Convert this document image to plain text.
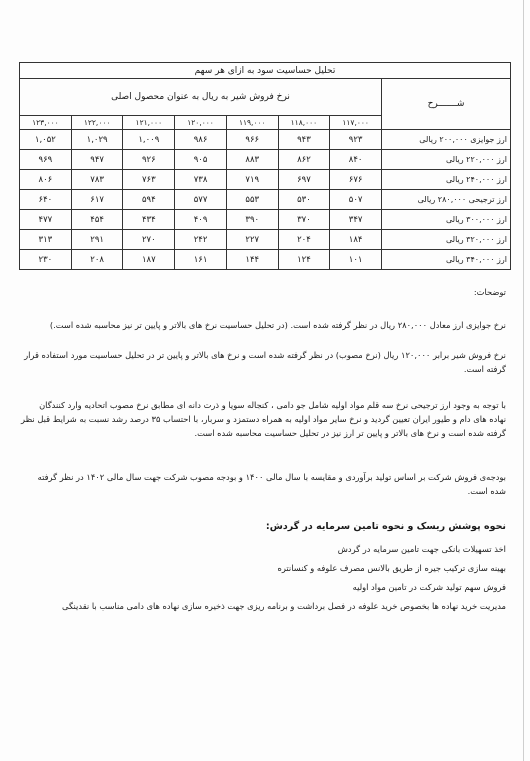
تحلیل حساسیت سود به ازای هر سهم							
شـــــــرح	نرخ فروش شیر به ریال به عنوان محصول اصلی						
	۱۱۷,۰۰۰	۱۱۸,۰۰۰	۱۱۹,۰۰۰	۱۲۰,۰۰۰	۱۲۱,۰۰۰	۱۲۲,۰۰۰	۱۲۳,۰۰۰
ارز جوایزی ۲۰۰,۰۰۰ ریالی	۹۲۳	۹۴۳	۹۶۶	۹۸۶	۱,۰۰۹	۱,۰۲۹	۱,۰۵۲
ارز ۲۲۰,۰۰۰ ریالی	۸۴۰	۸۶۲	۸۸۳	۹۰۵	۹۲۶	۹۴۷	۹۶۹
ارز ۲۴۰,۰۰۰ ریالی	۶۷۶	۶۹۷	۷۱۹	۷۳۸	۷۶۳	۷۸۳	۸۰۶
ارز ترجیحی ۲۸۰,۰۰۰ ریالی	۵۰۷	۵۳۰	۵۵۳	۵۷۷	۵۹۴	۶۱۷	۶۴۰
ارز ۳۰۰,۰۰۰ ریالی	۳۴۷	۳۷۰	۳۹۰	۴۰۹	۴۳۴	۴۵۴	۴۷۷
ارز ۳۲۰,۰۰۰ ریالی	۱۸۴	۲۰۴	۲۲۷	۲۴۲	۲۷۰	۲۹۱	۳۱۳
ارز ۳۴۰,۰۰۰ ریالی	۱۰۱	۱۲۴	۱۴۴	۱۶۱	۱۸۷	۲۰۸	۲۳۰
توضحات:
نرخ جوایزی ارز معادل ۲۸۰,۰۰۰ ریال در نظر گرفته شده است. (در تحلیل حساسیت نرخ های بالاتر و پایین تر نیز محاسبه شده است.)
نرخ فروش شیر برابر ۱۲۰,۰۰۰ ریال (نرخ مصوب) در نظر گرفته شده است و نرخ های بالاتر و پایین تر در تحلیل حساسیت مورد استفاده قرار گرفته است.
با توجه به وجود ارز ترجیحی نرخ سه قلم مواد اولیه شامل جو دامی ، کنجاله سویا و ذرت دانه ای مطابق نرخ مصوب اتحادیه وارد کنندگان نهاده های دام و طیور ایران تعیین گردید و نرخ سایر مواد اولیه به همراه دستمزد و سربار، با احتساب ۳۵ درصد رشد نسبت به شرایط قبل نظر گرفته شده است و نرخ های بالاتر و پایین تر ارز نیز در تحلیل حساسیت محاسبه شده است.
بودجه‌ی فروش شرکت بر اساس تولید برآوردی و مقایسه با سال مالی ۱۴۰۰ و بودجه مصوب شرکت جهت سال مالی ۱۴۰۲ در نظر گرفته شده است.
نحوه پوشش ریسک و نحوه تامین سرمایه در گردش:
اخذ تسهیلات بانکی جهت تامین سرمایه در گردش
بهینه سازی ترکیب جیره از طریق بالانس مصرف علوفه و کنسانتره
فروش سهم تولید شرکت در تامین مواد اولیه
مدیریت خرید نهاده ها بخصوص خرید علوفه در فصل برداشت و برنامه ریزی جهت ذخیره سازی نهاده های دامی مناسب با نقدینگی
